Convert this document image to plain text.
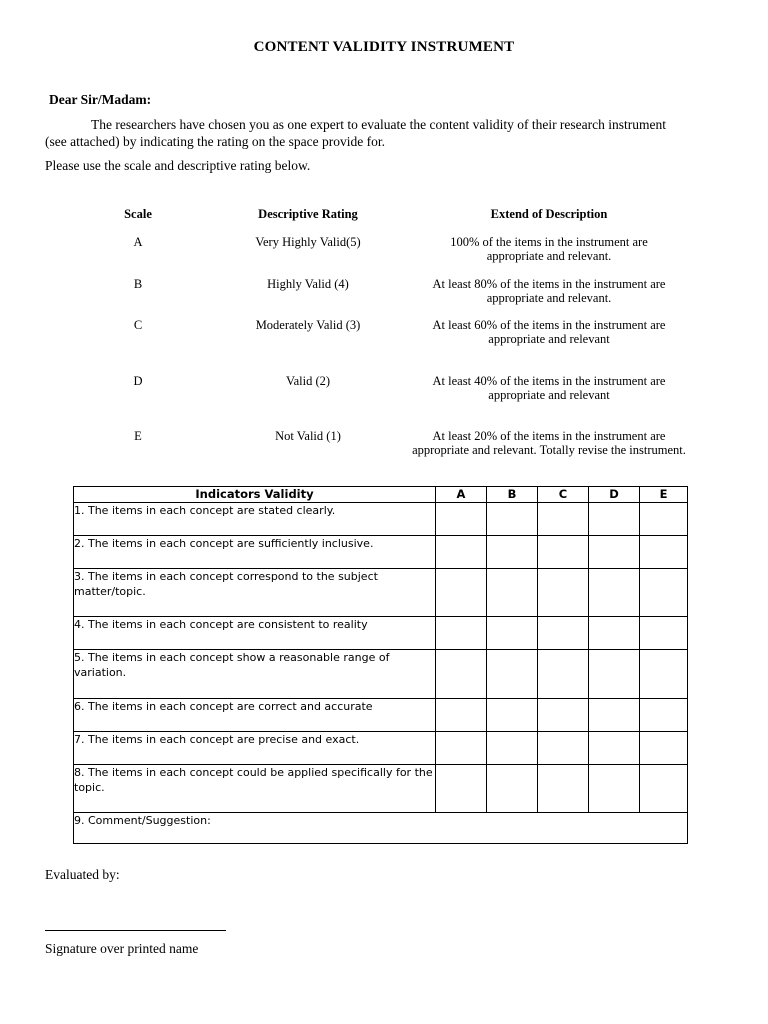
CONTENT VALIDITY INSTRUMENT
Dear Sir/Madam:
The researchers have chosen you as one expert to evaluate the content validity of their research instrument (see attached) by indicating the rating on the space provide for.
Please use the scale and descriptive rating below.
Scale	Descriptive Rating	Extend of Description
A	Very Highly Valid(5)	100% of the items in the instrument are appropriate and relevant.
B	Highly Valid (4)	At least 80% of the items in the instrument are appropriate and relevant.
C	Moderately Valid (3)	At least 60% of the items in the instrument are appropriate and relevant
D	Valid (2)	At least 40% of the items in the instrument are appropriate and relevant
E	Not Valid (1)	At least 20% of the items in the instrument are appropriate and relevant. Totally revise the instrument.
Indicators Validity	A	B	C	D	E
1. The items in each concept are stated clearly.					
2. The items in each concept are sufficiently inclusive.					
3. The items in each concept correspond to the subject matter/topic.					
4. The items in each concept are consistent to reality					
5. The items in each concept show a reasonable range of variation.					
6. The items in each concept are correct and accurate					
7. The items in each concept are precise and exact.					
8. The items in each concept could be applied specifically for the topic.					
9. Comment/Suggestion:					
Evaluated by:
Signature over printed name
